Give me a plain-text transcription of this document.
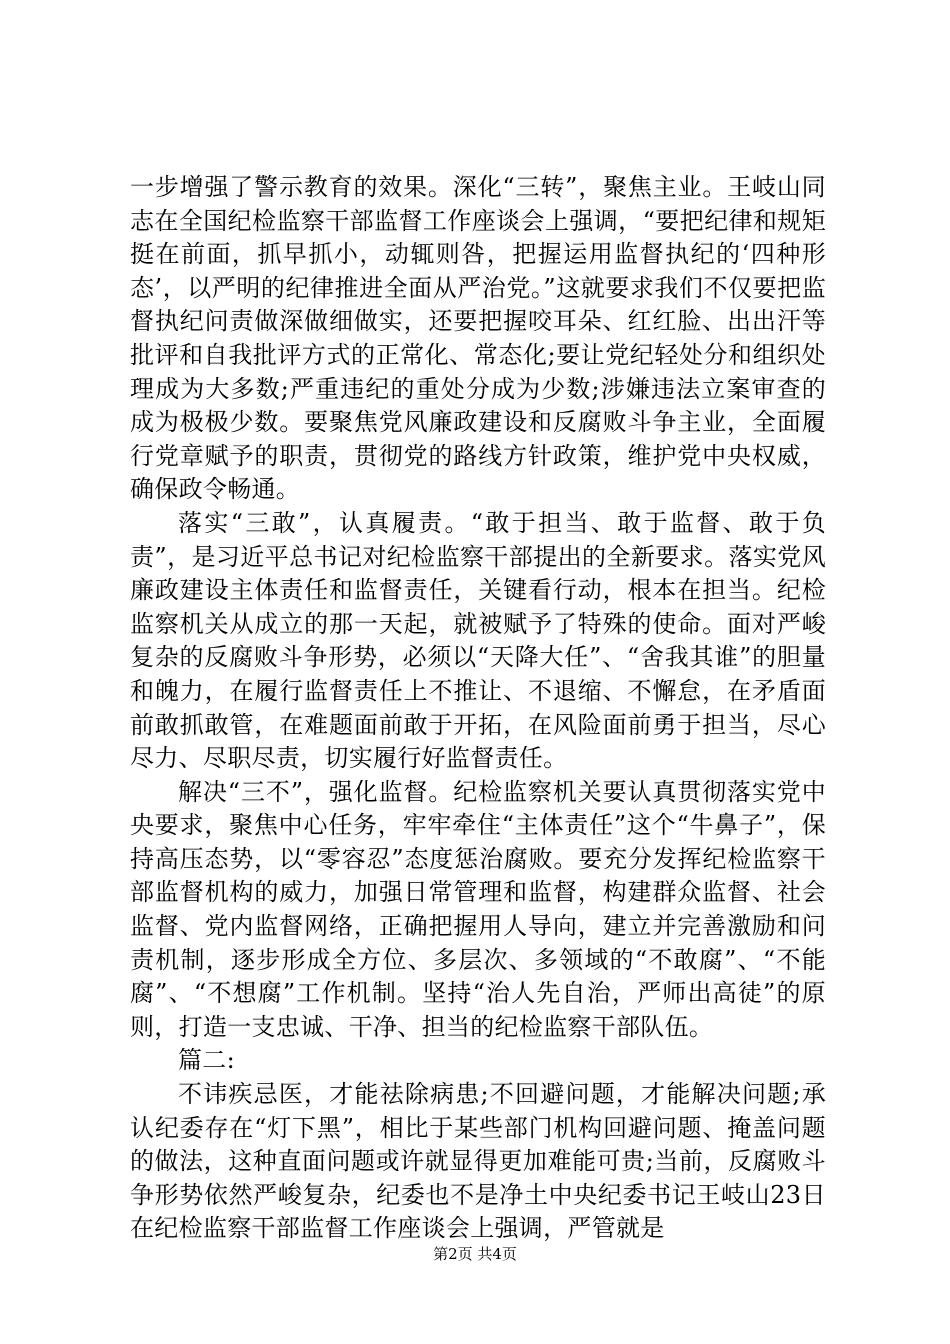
一步增强了警示教育的效果。深化“三转”，聚焦主业。王岐山同志在全国纪检监察干部监督工作座谈会上强调，“要把纪律和规矩挺在前面，抓早抓小，动辄则咎，把握运用监督执纪的‘四种形态’，以严明的纪律推进全面从严治党。”这就要求我们不仅要把监督执纪问责做深做细做实，还要把握咬耳朵、红红脸、出出汗等批评和自我批评方式的正常化、常态化;要让党纪轻处分和组织处理成为大多数;严重违纪的重处分成为少数;涉嫌违法立案审查的成为极极少数。要聚焦党风廉政建设和反腐败斗争主业，全面履行党章赋予的职责，贯彻党的路线方针政策，维护党中央权威，确保政令畅通。

落实“三敢”，认真履责。“敢于担当、敢于监督、敢于负责”，是习近平总书记对纪检监察干部提出的全新要求。落实党风廉政建设主体责任和监督责任，关键看行动，根本在担当。纪检监察机关从成立的那一天起，就被赋予了特殊的使命。面对严峻复杂的反腐败斗争形势，必须以“天降大任”、“舍我其谁”的胆量和魄力，在履行监督责任上不推让、不退缩、不懈怠，在矛盾面前敢抓敢管，在难题面前敢于开拓，在风险面前勇于担当，尽心尽力、尽职尽责，切实履行好监督责任。

解决“三不”，强化监督。纪检监察机关要认真贯彻落实党中央要求，聚焦中心任务，牢牢牵住“主体责任”这个“牛鼻子”，保持高压态势，以“零容忍”态度惩治腐败。要充分发挥纪检监察干部监督机构的威力，加强日常管理和监督，构建群众监督、社会监督、党内监督网络，正确把握用人导向，建立并完善激励和问责机制，逐步形成全方位、多层次、多领域的“不敢腐”、“不能腐”、“不想腐”工作机制。坚持“治人先自治，严师出高徒”的原则，打造一支忠诚、干净、担当的纪检监察干部队伍。

篇二:

不讳疾忌医，才能祛除病患;不回避问题，才能解决问题;承认纪委存在“灯下黑”，相比于某些部门机构回避问题、掩盖问题的做法，这种直面问题或许就显得更加难能可贵;当前，反腐败斗争形势依然严峻复杂，纪委也不是净土中央纪委书记王岐山23日在纪检监察干部监督工作座谈会上强调，严管就是

第2页 共4页
